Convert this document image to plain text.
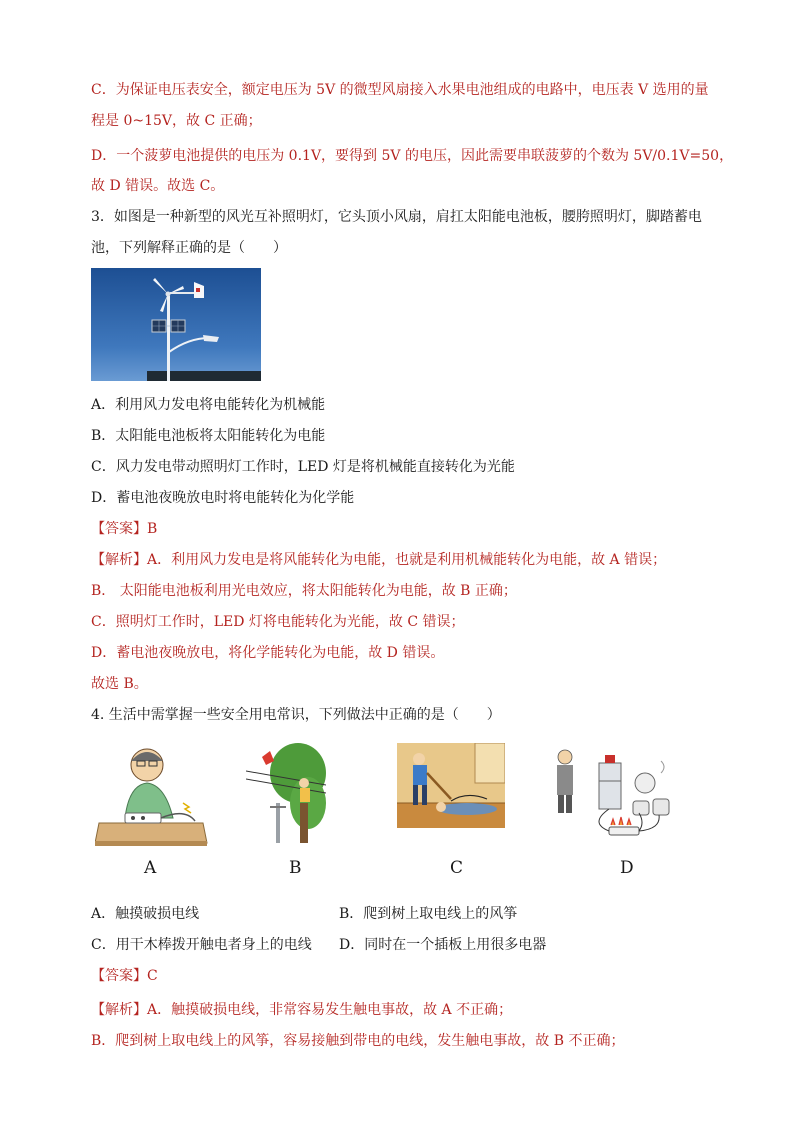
C．为保证电压表安全，额定电压为 5V 的微型风扇接入水果电池组成的电路中，电压表 V 选用的量
程是 0~15V，故 C 正确；
D．一个菠萝电池提供的电压为 0.1V，要得到 5V 的电压，因此需要串联菠萝的个数为 5V/0.1V=50，
故 D 错误。故选 C。
3．如图是一种新型的风光互补照明灯，它头顶小风扇，肩扛太阳能电池板，腰胯照明灯，脚踏蓄电
池，下列解释正确的是（　　）
A．利用风力发电将电能转化为机械能
B．太阳能电池板将太阳能转化为电能
C．风力发电带动照明灯工作时，LED 灯是将机械能直接转化为光能
D．蓄电池夜晚放电时将电能转化为化学能
【答案】B
【解析】A．利用风力发电是将风能转化为电能，也就是利用机械能转化为电能，故 A 错误；
B． 太阳能电池板利用光电效应，将太阳能转化为电能，故 B 正确；
C．照明灯工作时，LED 灯将电能转化为光能，故 C 错误；
D．蓄电池夜晚放电，将化学能转化为电能，故 D 错误。
故选 B。
4. 生活中需掌握一些安全用电常识，下列做法中正确的是（　　）
A	B	C	D
A．触摸破损电线	B．爬到树上取电线上的风筝
C．用干木棒拨开触电者身上的电线 D．同时在一个插板上用很多电器
【答案】C
【解析】A．触摸破损电线，非常容易发生触电事故，故 A 不正确；
B．爬到树上取电线上的风筝，容易接触到带电的电线，发生触电事故，故 B 不正确；
